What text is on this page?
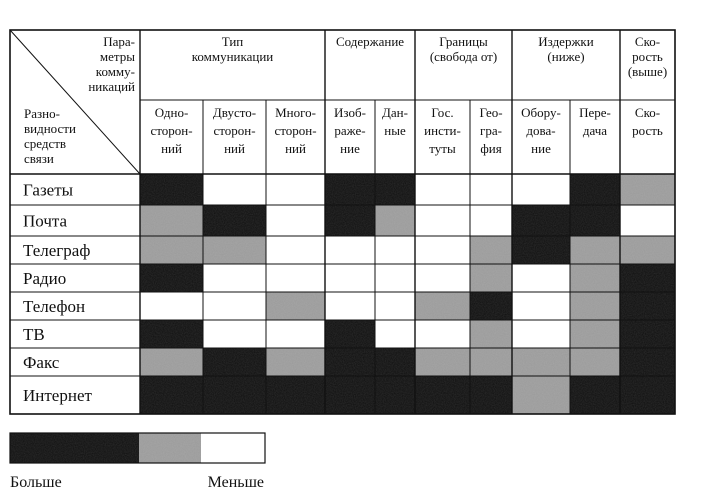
Больше	Меньше
Пара-
метры
комму-
никаций
Разно-
видности
средств
связи
Тип
коммуникации
Содержание	Границы
(свобода от)
Издержки
(ниже)
Ско-
рость
(выше)
Одно-
сторон-
ний
Двусто-
сторон-
ний
Много-
сторон-
ний
Изоб-
раже-
ние
Дан-
ные
Гос.
инсти-
туты
Гео-
гра-
фия
Обору-
дова-
ние
Пере-
дача
Ско-
рость
Газеты
Почта
Телеграф
Радио
Телефон
ТВ
Факс
Интернет
